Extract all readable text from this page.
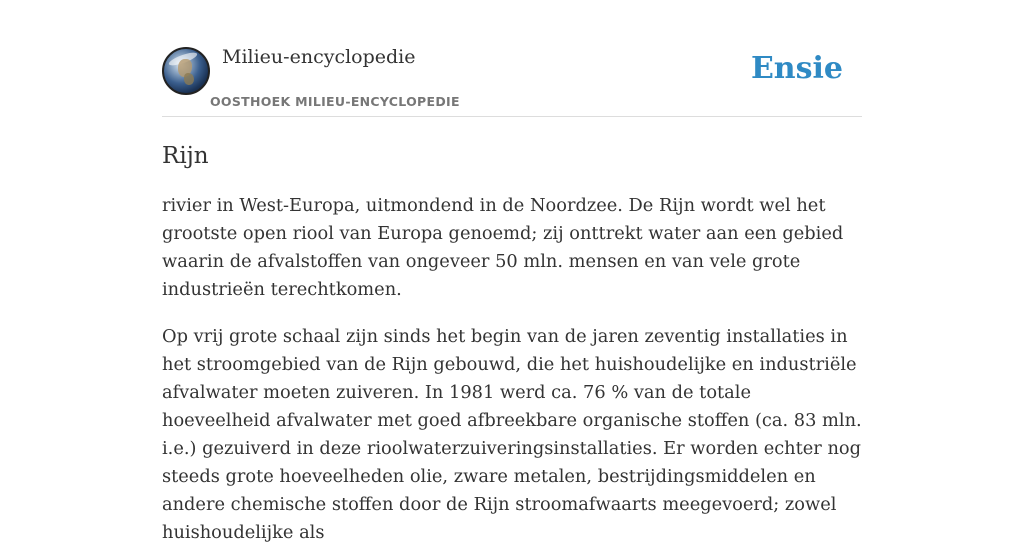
Milieu-encyclopedie
OOSTHOEK MILIEU-ENCYCLOPEDIE
Ensie
Rijn

rivier in West-Europa, uitmondend in de Noordzee. De Rijn wordt wel het grootste open riool van Europa genoemd; zij onttrekt water aan een gebied waarin de afvalstoffen van ongeveer 50 mln. mensen en van vele grote industrieën terechtkomen.

Op vrij grote schaal zijn sinds het begin van de jaren zeventig installaties in het stroomgebied van de Rijn gebouwd, die het huishoudelijke en industriële afvalwater moeten zuiveren. In 1981 werd ca. 76 % van de totale hoeveelheid afvalwater met goed afbreekbare organische stoffen (ca. 83 mln. i.e.) gezuiverd in deze rioolwaterzuiveringsinstallaties. Er worden echter nog steeds grote hoeveelheden olie, zware metalen, bestrijdingsmiddelen en andere chemische stoffen door de Rijn stroomafwaarts meegevoerd; zowel huishoudelijke als
